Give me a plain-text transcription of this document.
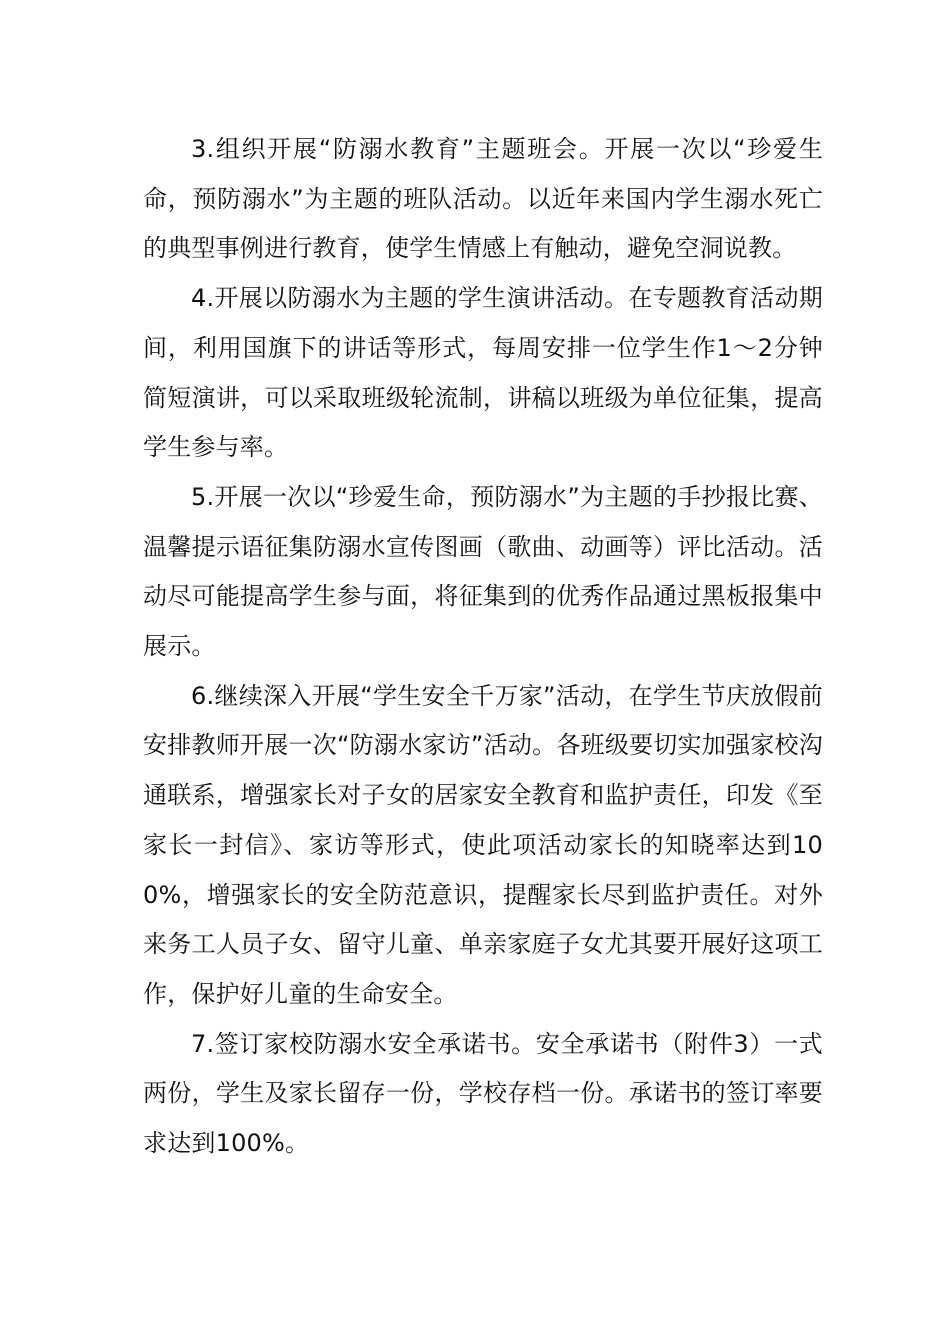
3.组织开展“防溺水教育”主题班会。开展一次以“珍爱生命，预防溺水”为主题的班队活动。以近年来国内学生溺水死亡的典型事例进行教育，使学生情感上有触动，避免空洞说教。

4.开展以防溺水为主题的学生演讲活动。在专题教育活动期间，利用国旗下的讲话等形式，每周安排一位学生作1～2分钟简短演讲，可以采取班级轮流制，讲稿以班级为单位征集，提高学生参与率。

5.开展一次以“珍爱生命，预防溺水”为主题的手抄报比赛、温馨提示语征集防溺水宣传图画（歌曲、动画等）评比活动。活动尽可能提高学生参与面，将征集到的优秀作品通过黑板报集中展示。

6.继续深入开展“学生安全千万家”活动，在学生节庆放假前安排教师开展一次“防溺水家访”活动。各班级要切实加强家校沟通联系，增强家长对子女的居家安全教育和监护责任，印发《至家长一封信》、家访等形式，使此项活动家长的知晓率达到100%，增强家长的安全防范意识，提醒家长尽到监护责任。对外来务工人员子女、留守儿童、单亲家庭子女尤其要开展好这项工作，保护好儿童的生命安全。

7.签订家校防溺水安全承诺书。安全承诺书（附件3）一式两份，学生及家长留存一份，学校存档一份。承诺书的签订率要求达到100%。
